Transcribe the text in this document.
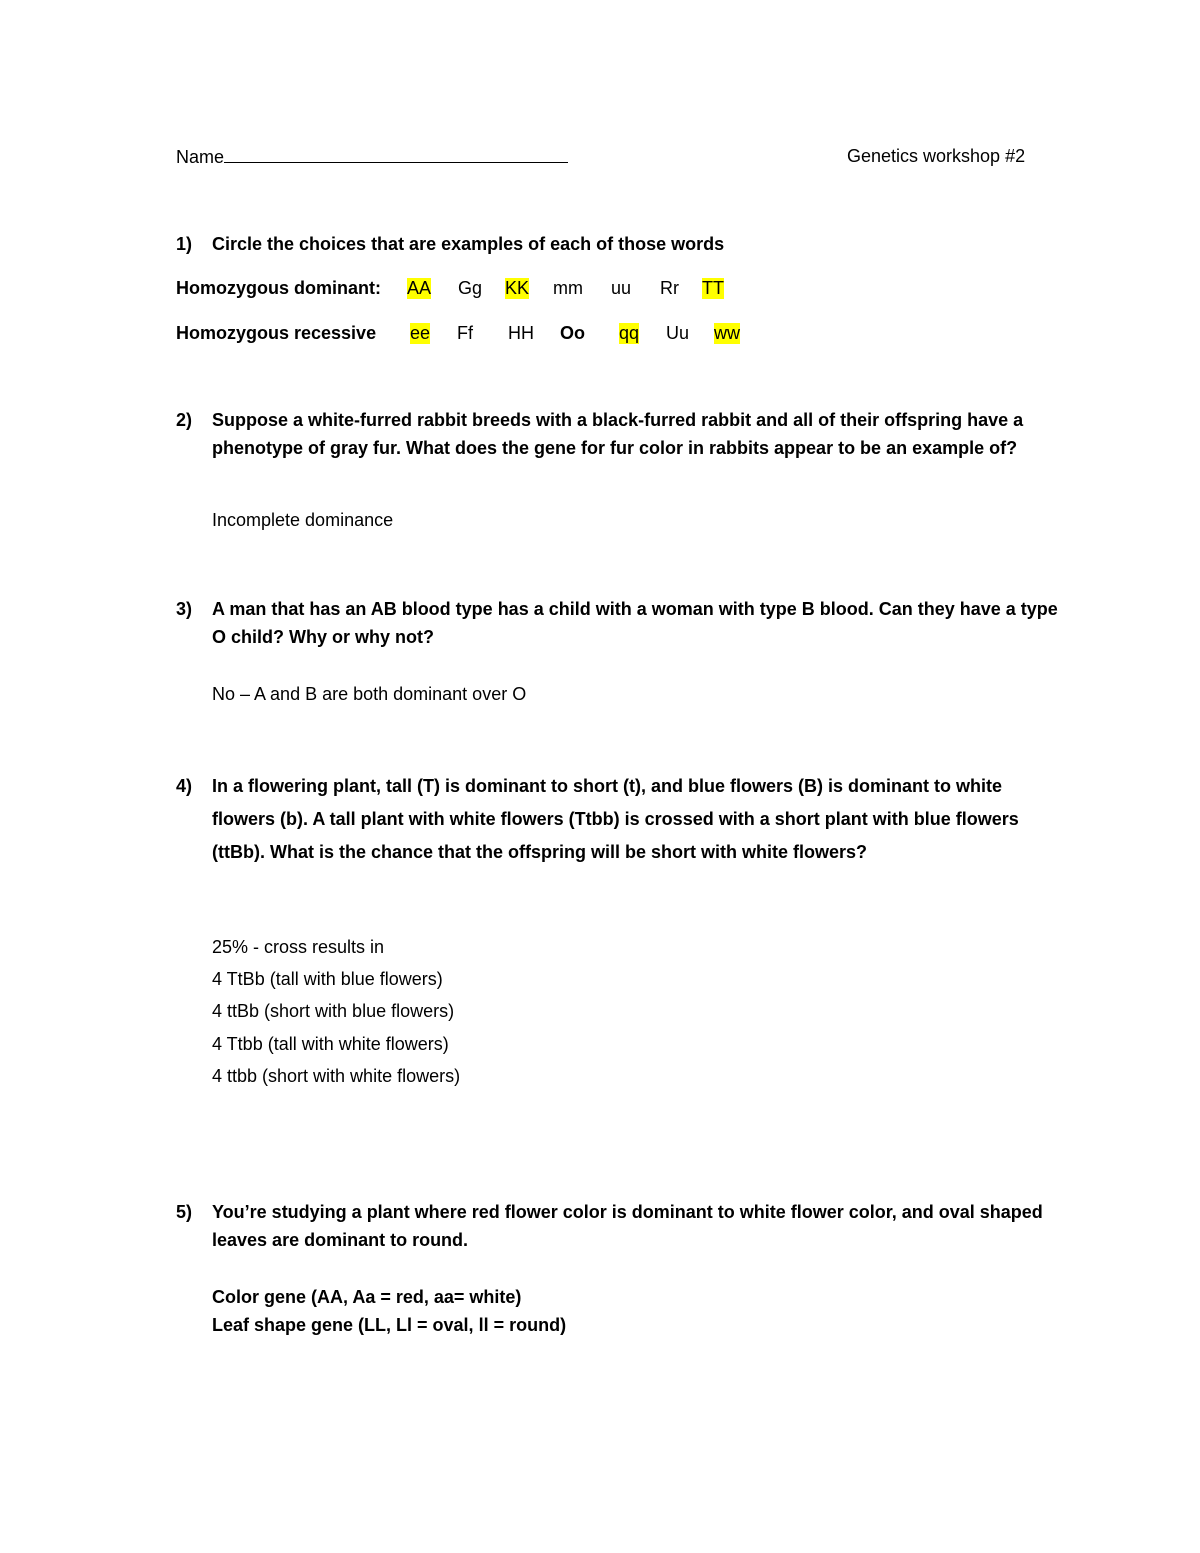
Name	Genetics workshop #2
1) Circle the choices that are examples of each of those words
Homozygous dominant: AA Gg KK mm uu Rr TT
Homozygous recessive ee Ff HH Oo qq Uu ww
2) Suppose a white-furred rabbit breeds with a black-furred rabbit and all of their offspring have a phenotype of gray fur. What does the gene for fur color in rabbits appear to be an example of?
Incomplete dominance
3) A man that has an AB blood type has a child with a woman with type B blood. Can they have a type O child? Why or why not?
No – A and B are both dominant over O
4) In a flowering plant, tall (T) is dominant to short (t), and blue flowers (B) is dominant to white flowers (b). A tall plant with white flowers (Ttbb) is crossed with a short plant with blue flowers (ttBb). What is the chance that the offspring will be short with white flowers?
25% - cross results in
4 TtBb (tall with blue flowers)
4 ttBb (short with blue flowers)
4 Ttbb (tall with white flowers)
4 ttbb (short with white flowers)
5) You’re studying a plant where red flower color is dominant to white flower color, and oval shaped leaves are dominant to round.
Color gene (AA, Aa = red, aa= white)
Leaf shape gene (LL, Ll = oval, ll = round)
